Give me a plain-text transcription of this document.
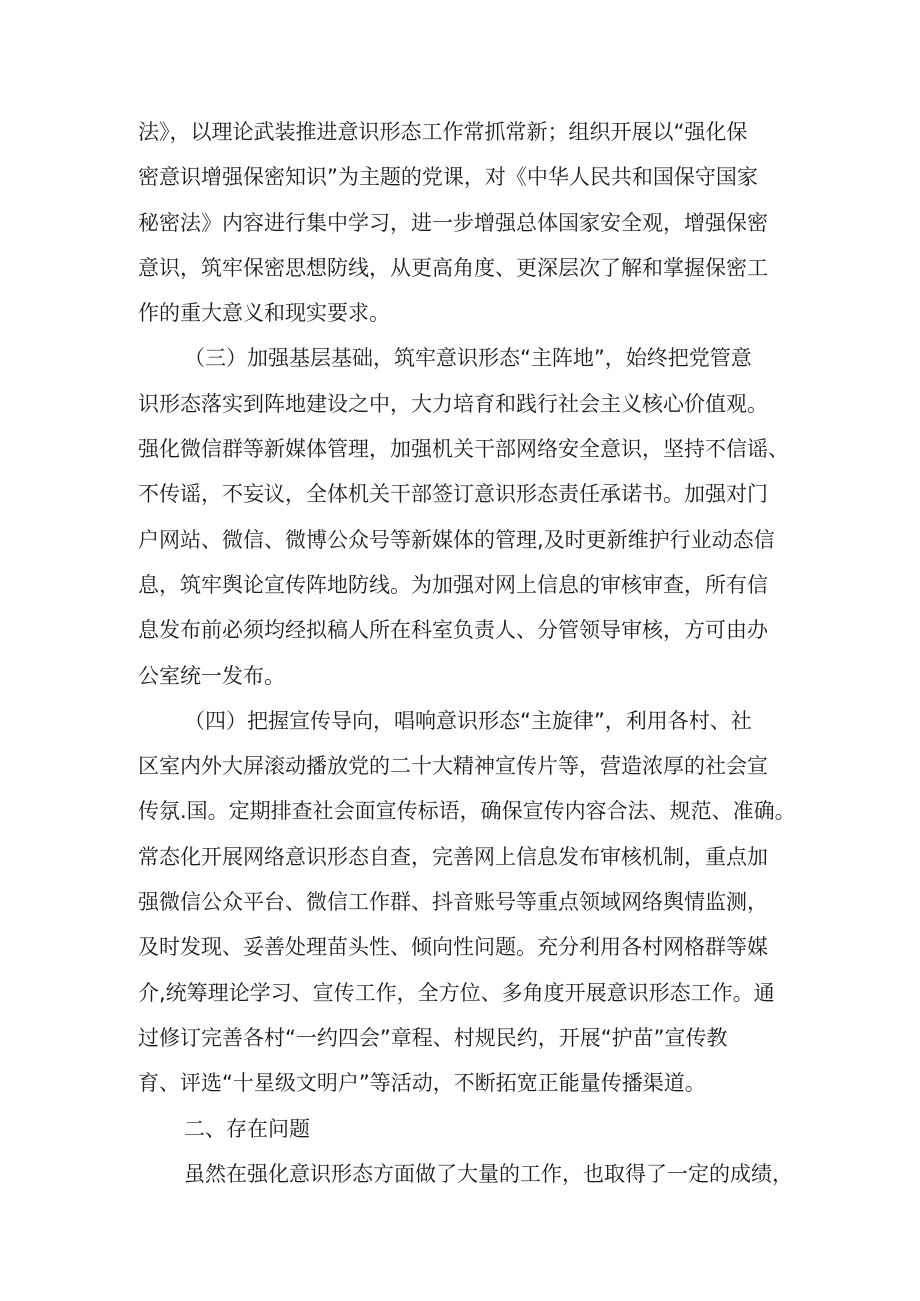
法》，以理论武装推进意识形态工作常抓常新；组织开展以“强化保
密意识增强保密知识”为主题的党课，对《中华人民共和国保守国家
秘密法》内容进行集中学习，进一步增强总体国家安全观，增强保密
意识，筑牢保密思想防线，从更高角度、更深层次了解和掌握保密工
作的重大意义和现实要求。
（三）加强基层基础，筑牢意识形态“主阵地”，始终把党管意
识形态落实到阵地建设之中，大力培育和践行社会主义核心价值观。
强化微信群等新媒体管理，加强机关干部网络安全意识，坚持不信谣、
不传谣，不妄议，全体机关干部签订意识形态责任承诺书。加强对门
户网站、微信、微博公众号等新媒体的管理,及时更新维护行业动态信
息，筑牢舆论宣传阵地防线。为加强对网上信息的审核审查，所有信
息发布前必须均经拟稿人所在科室负责人、分管领导审核，方可由办
公室统一发布。
（四）把握宣传导向，唱响意识形态“主旋律”，利用各村、社
区室内外大屏滚动播放党的二十大精神宣传片等，营造浓厚的社会宣
传氛.国。定期排查社会面宣传标语，确保宣传内容合法、规范、准确。
常态化开展网络意识形态自查，完善网上信息发布审核机制，重点加
强微信公众平台、微信工作群、抖音账号等重点领域网络舆情监测，
及时发现、妥善处理苗头性、倾向性问题。充分利用各村网格群等媒
介,统筹理论学习、宣传工作，全方位、多角度开展意识形态工作。通
过修订完善各村“一约四会”章程、村规民约，开展“护苗”宣传教
育、评选“十星级文明户”等活动，不断拓宽正能量传播渠道。
二、存在问题
虽然在强化意识形态方面做了大量的工作，也取得了一定的成绩，
